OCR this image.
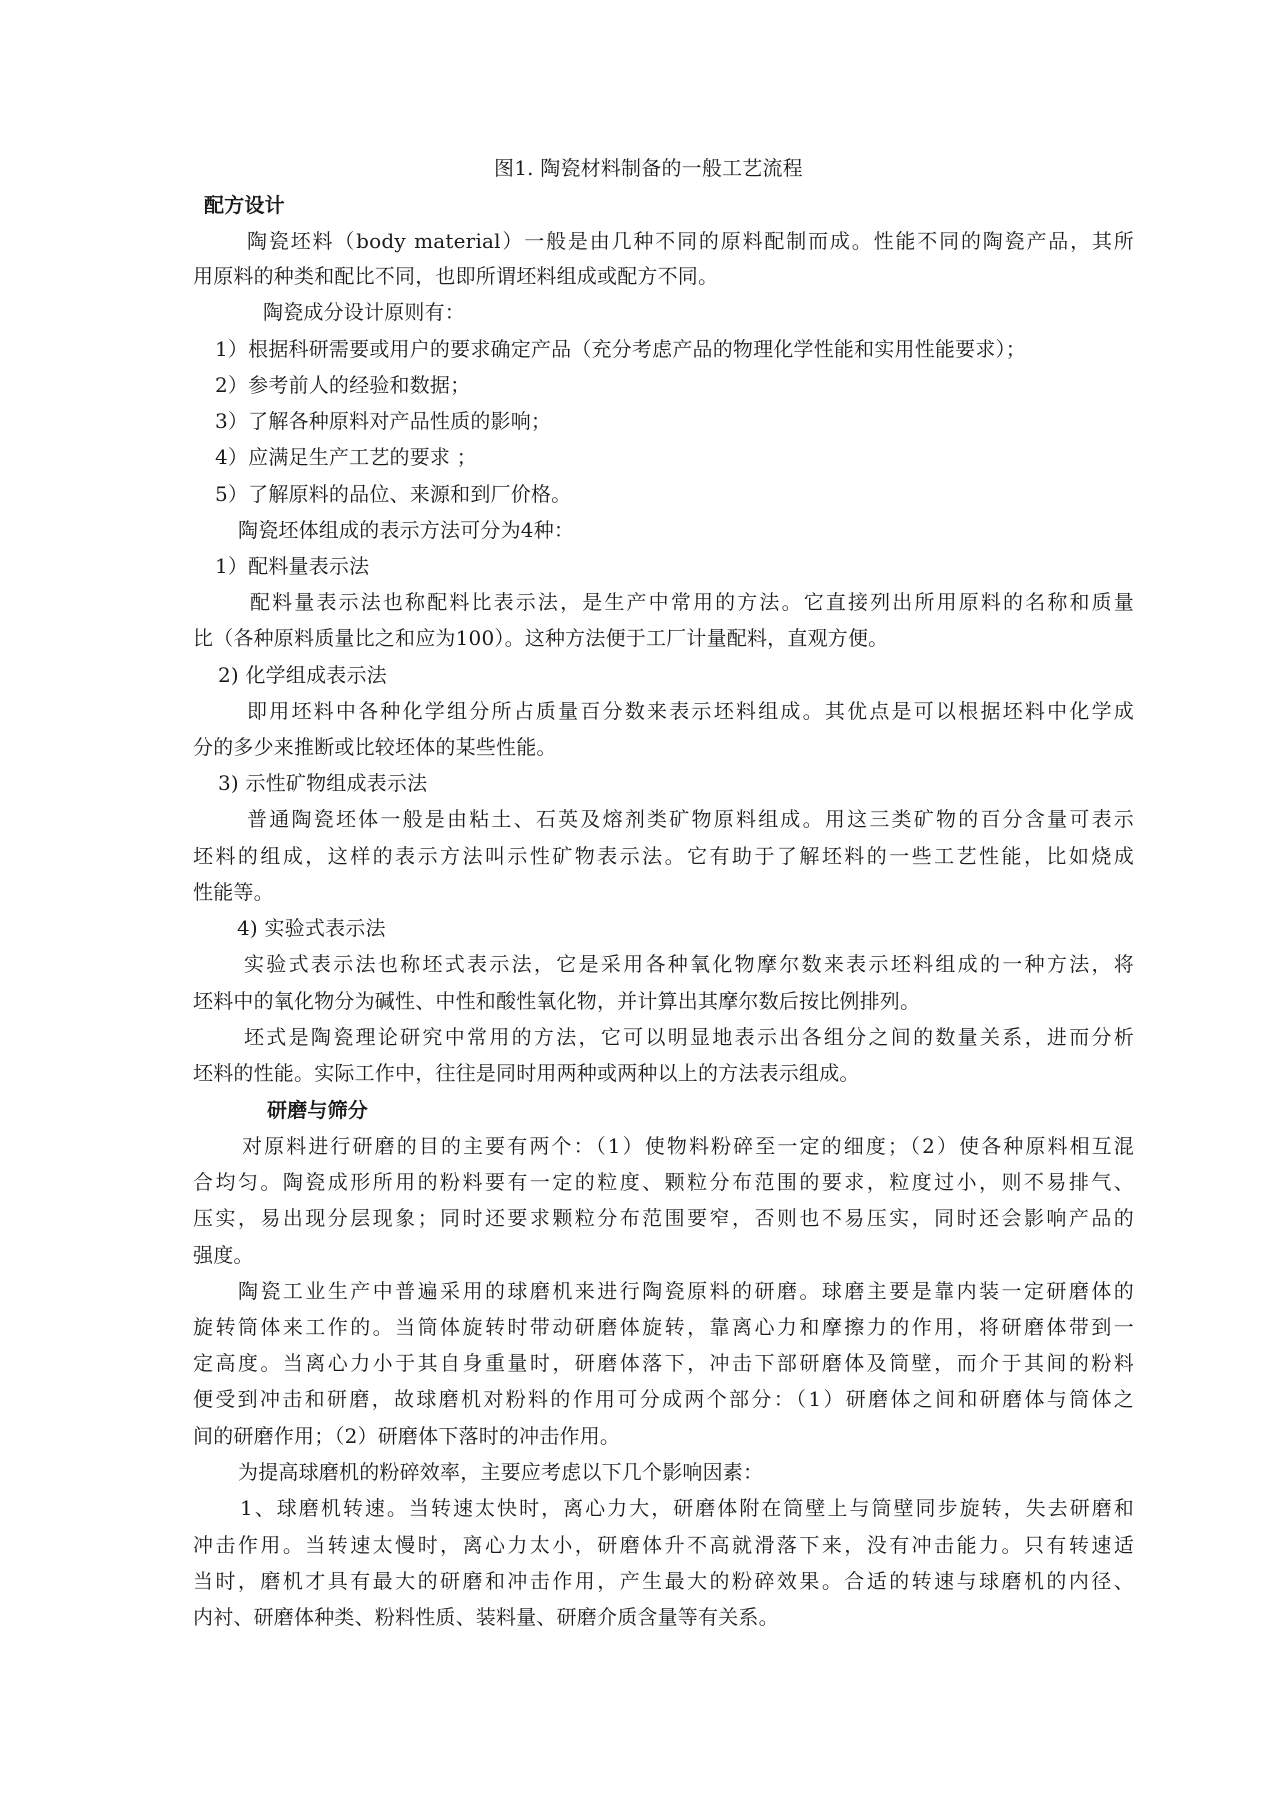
图1. 陶瓷材料制备的一般工艺流程
配方设计
陶瓷坯料（body material）一般是由几种不同的原料配制而成。性能不同的陶瓷产品，其所
用原料的种类和配比不同，也即所谓坯料组成或配方不同。
陶瓷成分设计原则有：
1）根据科研需要或用户的要求确定产品（充分考虑产品的物理化学性能和实用性能要求）；
2）参考前人的经验和数据；
3）了解各种原料对产品性质的影响；
4）应满足生产工艺的要求 ；
5）了解原料的品位、来源和到厂价格。
陶瓷坯体组成的表示方法可分为4种：
1）配料量表示法
配料量表示法也称配料比表示法，是生产中常用的方法。它直接列出所用原料的名称和质量
比（各种原料质量比之和应为100）。这种方法便于工厂计量配料，直观方便。
2) 化学组成表示法
即用坯料中各种化学组分所占质量百分数来表示坯料组成。其优点是可以根据坯料中化学成
分的多少来推断或比较坯体的某些性能。
3) 示性矿物组成表示法
普通陶瓷坯体一般是由粘土、石英及熔剂类矿物原料组成。用这三类矿物的百分含量可表示
坯料的组成，这样的表示方法叫示性矿物表示法。它有助于了解坯料的一些工艺性能，比如烧成
性能等。
4) 实验式表示法
实验式表示法也称坯式表示法，它是采用各种氧化物摩尔数来表示坯料组成的一种方法，将
坯料中的氧化物分为碱性、中性和酸性氧化物，并计算出其摩尔数后按比例排列。
坯式是陶瓷理论研究中常用的方法，它可以明显地表示出各组分之间的数量关系，进而分析
坯料的性能。实际工作中，往往是同时用两种或两种以上的方法表示组成。
研磨与筛分
对原料进行研磨的目的主要有两个：（1）使物料粉碎至一定的细度；（2）使各种原料相互混
合均匀。陶瓷成形所用的粉料要有一定的粒度、颗粒分布范围的要求，粒度过小，则不易排气、
压实，易出现分层现象；同时还要求颗粒分布范围要窄，否则也不易压实，同时还会影响产品的
强度。
陶瓷工业生产中普遍采用的球磨机来进行陶瓷原料的研磨。球磨主要是靠内装一定研磨体的
旋转筒体来工作的。当筒体旋转时带动研磨体旋转，靠离心力和摩擦力的作用，将研磨体带到一
定高度。当离心力小于其自身重量时，研磨体落下，冲击下部研磨体及筒壁，而介于其间的粉料
便受到冲击和研磨，故球磨机对粉料的作用可分成两个部分：（1）研磨体之间和研磨体与筒体之
间的研磨作用；（2）研磨体下落时的冲击作用。
为提高球磨机的粉碎效率，主要应考虑以下几个影响因素：
1、球磨机转速。当转速太快时，离心力大，研磨体附在筒壁上与筒壁同步旋转，失去研磨和
冲击作用。当转速太慢时，离心力太小，研磨体升不高就滑落下来，没有冲击能力。只有转速适
当时，磨机才具有最大的研磨和冲击作用，产生最大的粉碎效果。合适的转速与球磨机的内径、
内衬、研磨体种类、粉料性质、装料量、研磨介质含量等有关系。
